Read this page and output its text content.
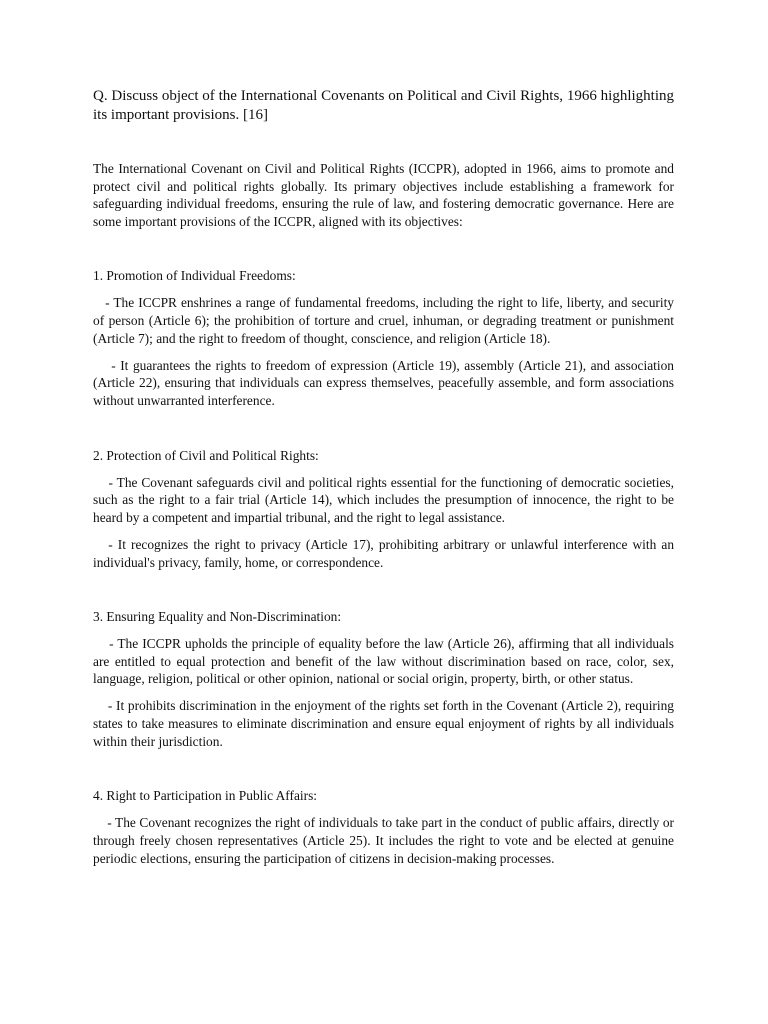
Q. Discuss object of the International Covenants on Political and Civil Rights, 1966 highlighting its important provisions. [16]

The International Covenant on Civil and Political Rights (ICCPR), adopted in 1966, aims to promote and protect civil and political rights globally. Its primary objectives include establishing a framework for safeguarding individual freedoms, ensuring the rule of law, and fostering democratic governance. Here are some important provisions of the ICCPR, aligned with its objectives:

1. Promotion of Individual Freedoms:

- The ICCPR enshrines a range of fundamental freedoms, including the right to life, liberty, and security of person (Article 6); the prohibition of torture and cruel, inhuman, or degrading treatment or punishment (Article 7); and the right to freedom of thought, conscience, and religion (Article 18).

- It guarantees the rights to freedom of expression (Article 19), assembly (Article 21), and association (Article 22), ensuring that individuals can express themselves, peacefully assemble, and form associations without unwarranted interference.

2. Protection of Civil and Political Rights:

- The Covenant safeguards civil and political rights essential for the functioning of democratic societies, such as the right to a fair trial (Article 14), which includes the presumption of innocence, the right to be heard by a competent and impartial tribunal, and the right to legal assistance.

- It recognizes the right to privacy (Article 17), prohibiting arbitrary or unlawful interference with an individual's privacy, family, home, or correspondence.

3. Ensuring Equality and Non-Discrimination:

- The ICCPR upholds the principle of equality before the law (Article 26), affirming that all individuals are entitled to equal protection and benefit of the law without discrimination based on race, color, sex, language, religion, political or other opinion, national or social origin, property, birth, or other status.

- It prohibits discrimination in the enjoyment of the rights set forth in the Covenant (Article 2), requiring states to take measures to eliminate discrimination and ensure equal enjoyment of rights by all individuals within their jurisdiction.

4. Right to Participation in Public Affairs:

- The Covenant recognizes the right of individuals to take part in the conduct of public affairs, directly or through freely chosen representatives (Article 25). It includes the right to vote and be elected at genuine periodic elections, ensuring the participation of citizens in decision-making processes.
